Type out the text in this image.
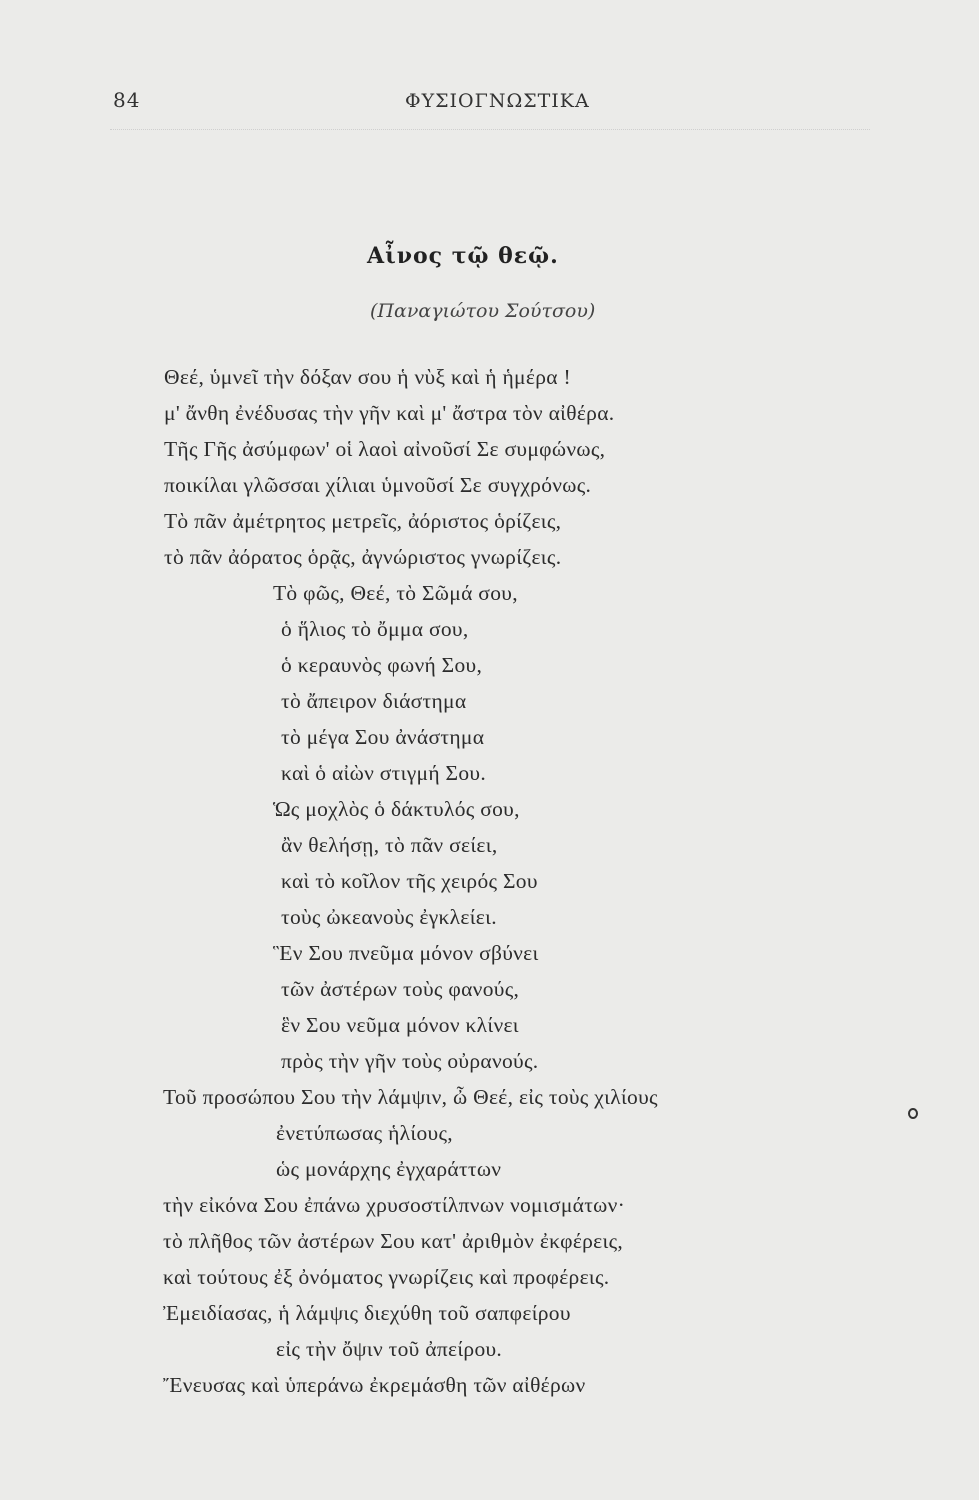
84	ΦΥΣΙΟΓΝΩΣΤΙΚΑ
Αἶνος τῷ θεῷ.
(Παναγιώτου Σούτσου)
Θεέ, ὑμνεῖ τὴν δόξαν σου ἡ νὺξ καὶ ἡ ἡμέρα !
μ' ἄνθη ἐνέδυσας τὴν γῆν καὶ μ' ἄστρα τὸν αἰθέρα.
Τῆς Γῆς ἀσύμφων' οἱ λαοὶ αἰνοῦσί Σε συμφώνως,
ποικίλαι γλῶσσαι χίλιαι ὑμνοῦσί Σε συγχρόνως.
Τὸ πᾶν ἀμέτρητος μετρεῖς, ἀόριστος ὁρίζεις,
τὸ πᾶν ἀόρατος ὁρᾷς, ἀγνώριστος γνωρίζεις.
Τὸ φῶς, Θεέ, τὸ Σῶμά σου,
ὁ ἥλιος τὸ ὄμμα σου,
ὁ κεραυνὸς φωνή Σου,
τὸ ἄπειρον διάστημα
τὸ μέγα Σου ἀνάστημα
καὶ ὁ αἰὼν στιγμή Σου.
Ὡς μοχλὸς ὁ δάκτυλός σου,
ἂν θελήσῃ, τὸ πᾶν σείει,
καὶ τὸ κοῖλον τῆς χειρός Σου
τοὺς ὠκεανοὺς ἐγκλείει.
Ἓν Σου πνεῦμα μόνον σβύνει
τῶν ἀστέρων τοὺς φανούς,
ἓν Σου νεῦμα μόνον κλίνει
πρὸς τὴν γῆν τοὺς οὐρανούς.
Τοῦ προσώπου Σου τὴν λάμψιν, ὦ Θεέ, εἰς τοὺς χιλίους
ἐνετύπωσας ἡλίους,
ὡς μονάρχης ἐγχαράττων
τὴν εἰκόνα Σου ἐπάνω χρυσοστίλπνων νομισμάτων·
τὸ πλῆθος τῶν ἀστέρων Σου κατ' ἀριθμὸν ἐκφέρεις,
καὶ τούτους ἐξ ὀνόματος γνωρίζεις καὶ προφέρεις.
Ἐμειδίασας, ἡ λάμψις διεχύθη τοῦ σαπφείρου
εἰς τὴν ὄψιν τοῦ ἀπείρου.
Ἔνευσας καὶ ὑπεράνω ἐκρεμάσθη τῶν αἰθέρων
